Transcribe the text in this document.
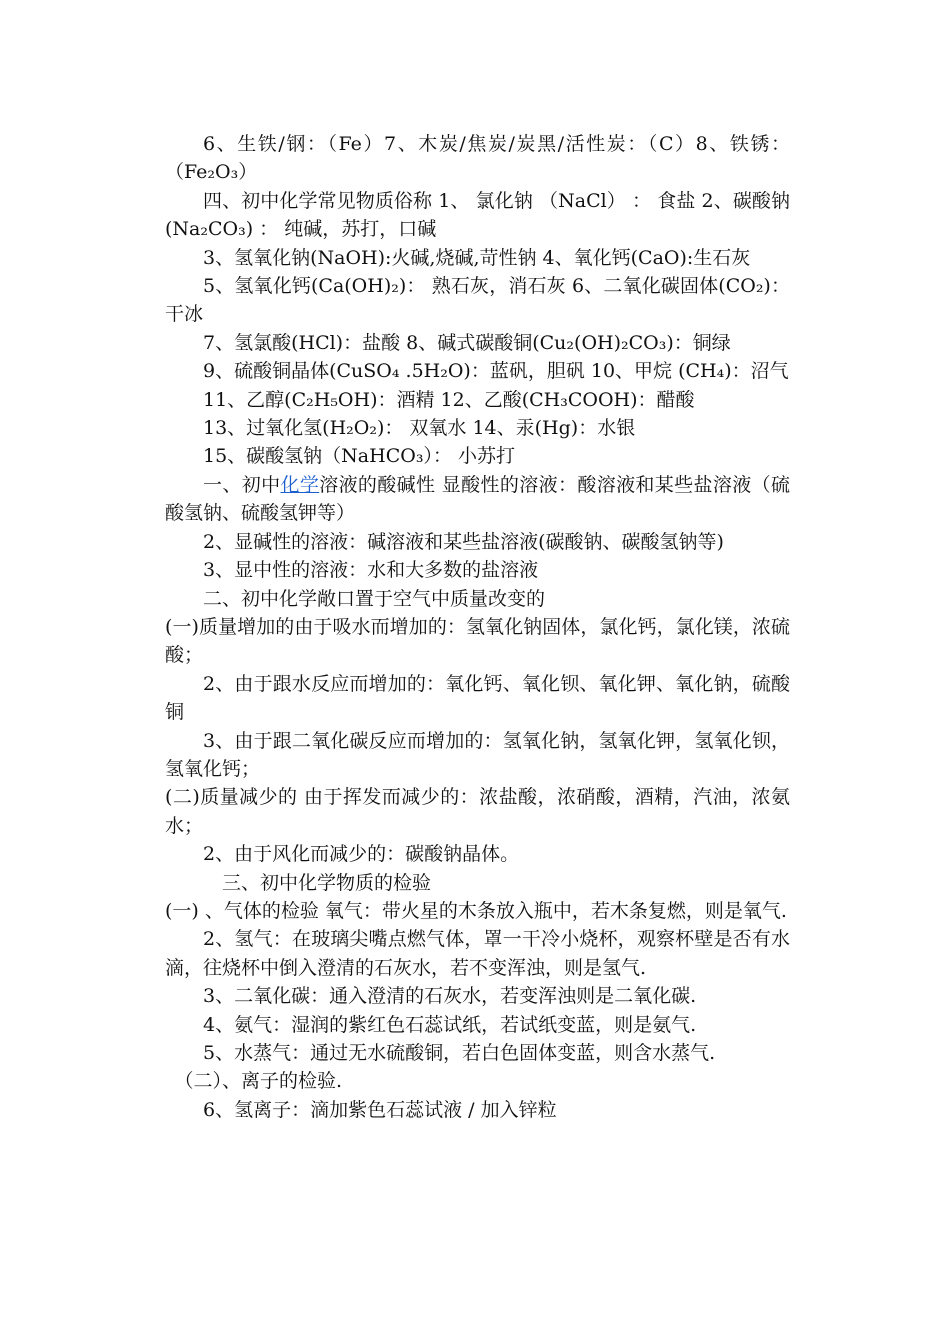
6、生铁/钢：（Fe）7、木炭/焦炭/炭黑/活性炭：（C）8、铁锈：（Fe₂O₃）

四、初中化学常见物质俗称 1、 氯化钠 （NaCl） ： 食盐 2、碳酸钠(Na₂CO₃) ： 纯碱，苏打，口碱

3、氢氧化钠(NaOH):火碱,烧碱,苛性钠 4、氧化钙(CaO):生石灰

5、氢氧化钙(Ca(OH)₂)： 熟石灰，消石灰 6、二氧化碳固体(CO₂)：干冰

7、氢氯酸(HCl)：盐酸 8、碱式碳酸铜(Cu₂(OH)₂CO₃)：铜绿

9、硫酸铜晶体(CuSO₄ .5H₂O)：蓝矾，胆矾 10、甲烷 (CH₄)：沼气

11、乙醇(C₂H₅OH)：酒精 12、乙酸(CH₃COOH)：醋酸

13、过氧化氢(H₂O₂)： 双氧水 14、汞(Hg)：水银

15、碳酸氢钠（NaHCO₃）： 小苏打

一、初中化学溶液的酸碱性 显酸性的溶液：酸溶液和某些盐溶液（硫酸氢钠、硫酸氢钾等）

2、显碱性的溶液：碱溶液和某些盐溶液(碳酸钠、碳酸氢钠等)

3、显中性的溶液：水和大多数的盐溶液

二、初中化学敞口置于空气中质量改变的

(一)质量增加的由于吸水而增加的：氢氧化钠固体，氯化钙，氯化镁，浓硫酸；

2、由于跟水反应而增加的：氧化钙、氧化钡、氧化钾、氧化钠，硫酸铜

3、由于跟二氧化碳反应而增加的：氢氧化钠，氢氧化钾，氢氧化钡，氢氧化钙；

(二)质量减少的 由于挥发而减少的：浓盐酸，浓硝酸，酒精，汽油，浓氨水；

2、由于风化而减少的：碳酸钠晶体。

三、初中化学物质的检验

(一) 、气体的检验 氧气：带火星的木条放入瓶中，若木条复燃，则是氧气.

2、氢气：在玻璃尖嘴点燃气体，罩一干冷小烧杯，观察杯壁是否有水滴，往烧杯中倒入澄清的石灰水，若不变浑浊，则是氢气.

3、二氧化碳：通入澄清的石灰水，若变浑浊则是二氧化碳.

4、氨气：湿润的紫红色石蕊试纸，若试纸变蓝，则是氨气.

5、水蒸气：通过无水硫酸铜，若白色固体变蓝，则含水蒸气.

（二）、离子的检验.

6、氢离子：滴加紫色石蕊试液 / 加入锌粒
